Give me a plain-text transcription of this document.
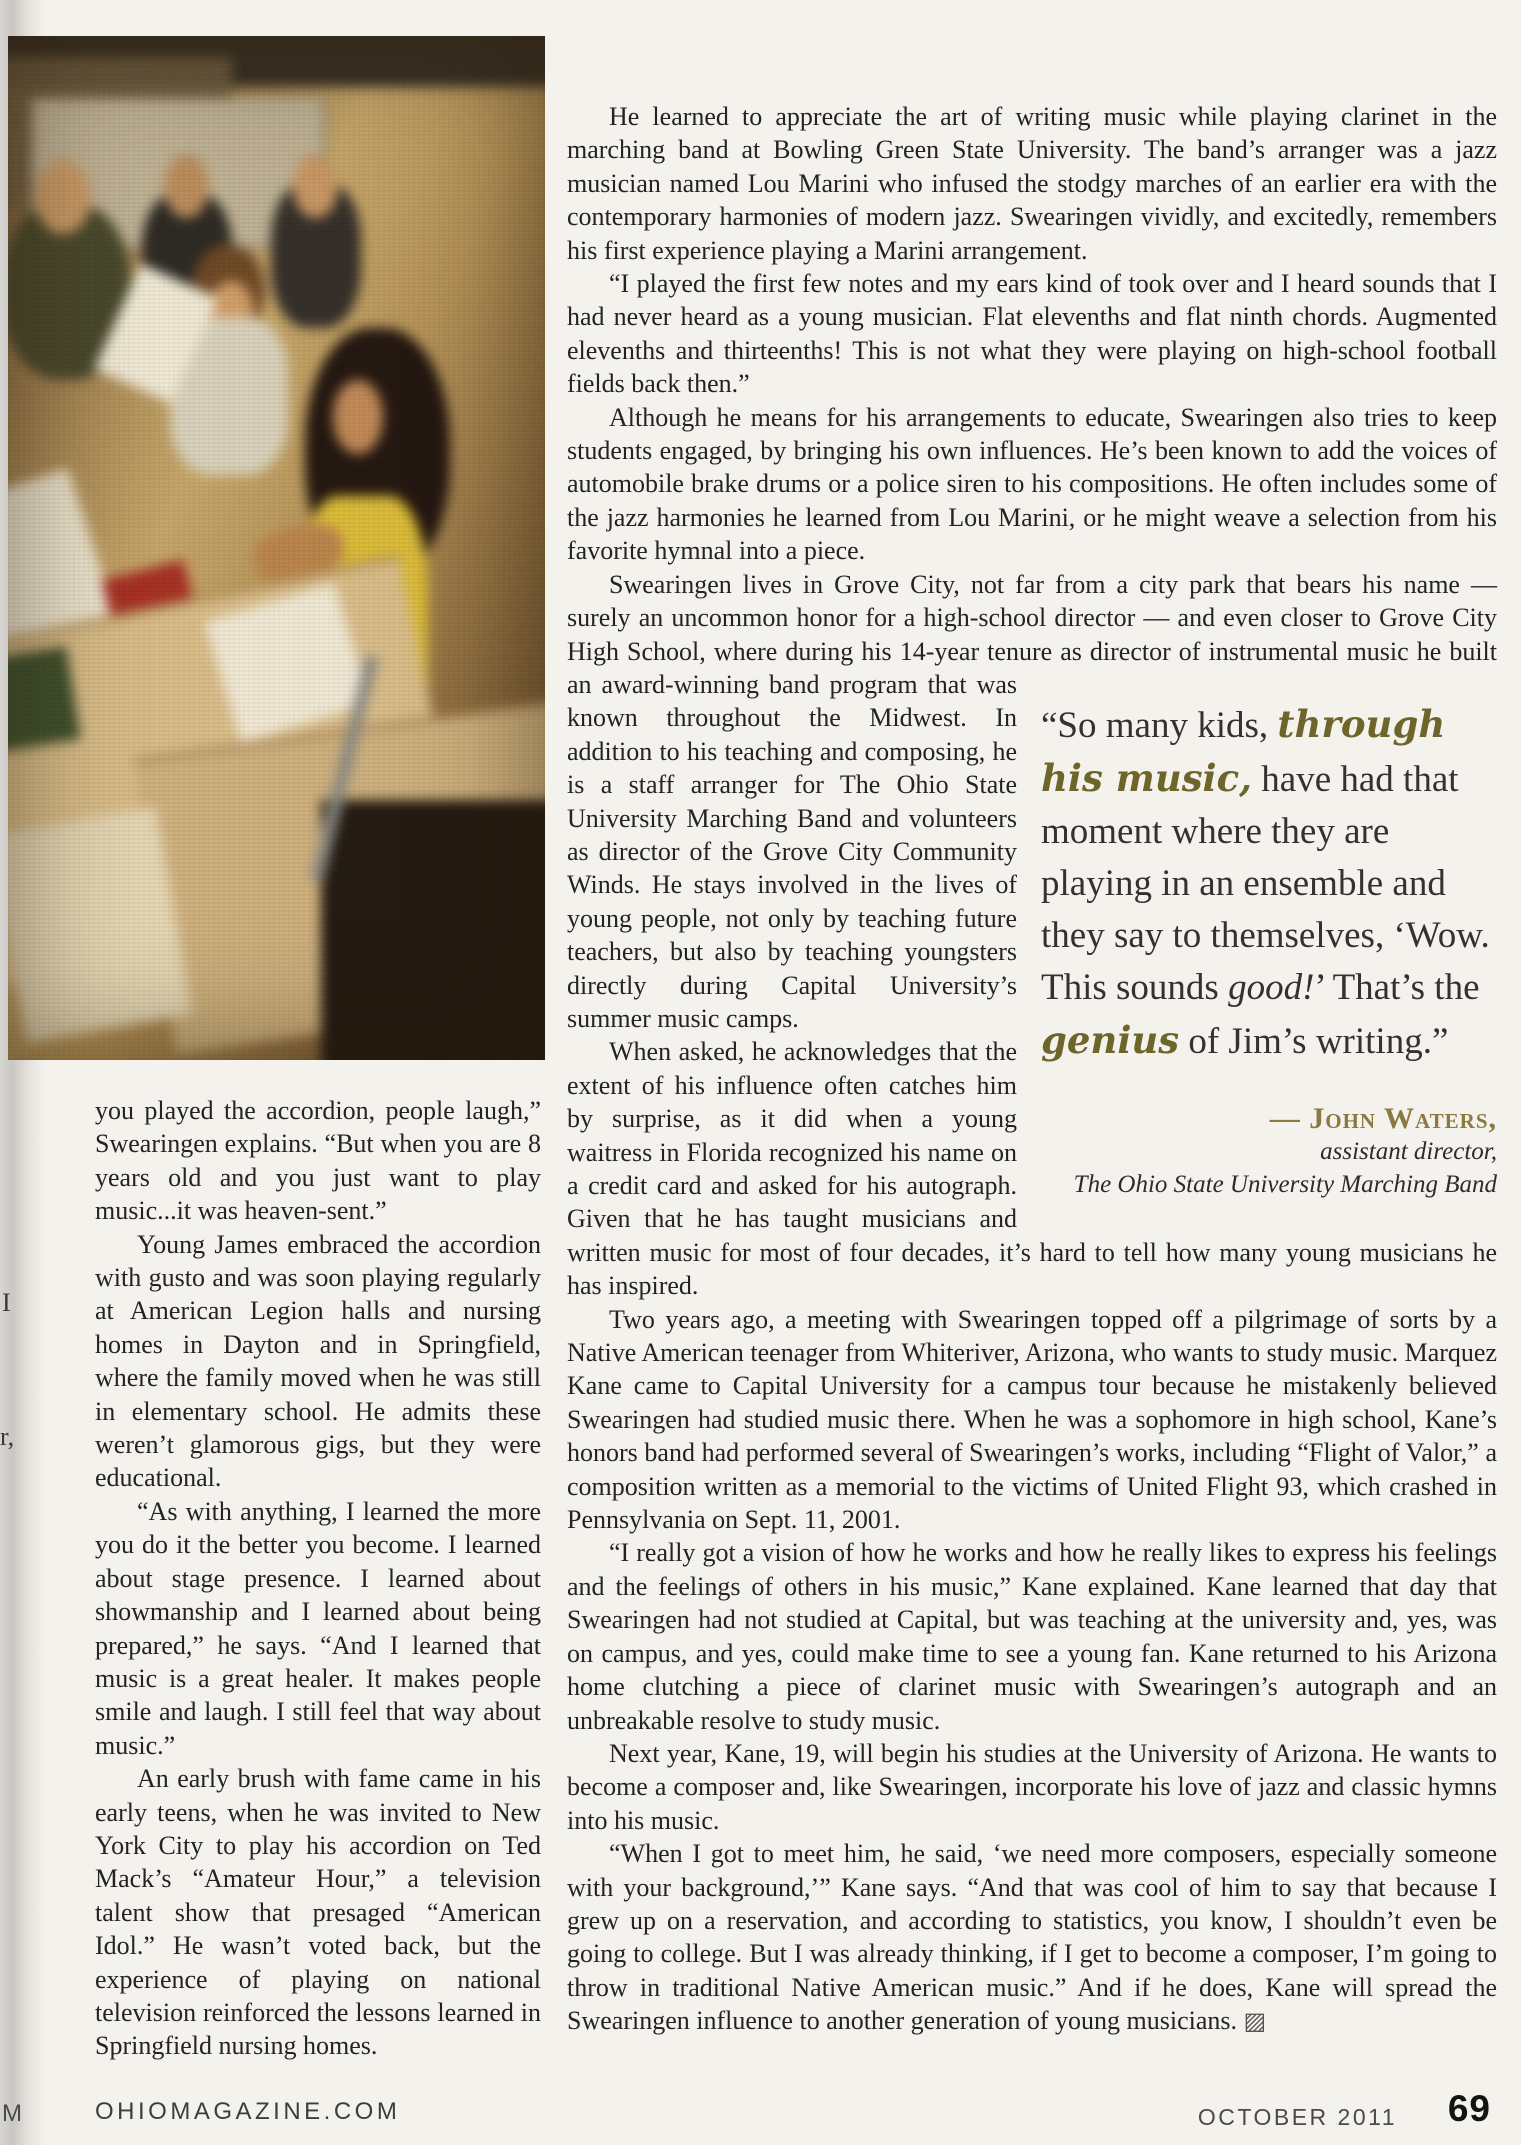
He learned to appreciate the art of writing music while playing clarinet in the marching band at Bowling Green State University. The band’s arranger was a jazz musician named Lou Marini who infused the stodgy marches of an earlier era with the contemporary harmonies of modern jazz. Swearingen vividly, and excitedly, remembers his first experience playing a Marini arrangement.

“I played the first few notes and my ears kind of took over and I heard sounds that I had never heard as a young musician. Flat elevenths and flat ninth chords. Augmented elevenths and thirteenths! This is not what they were playing on high-school football fields back then.”

Although he means for his arrangements to educate, Swearingen also tries to keep students engaged, by bringing his own influences. He’s been known to add the voices of automobile brake drums or a police siren to his compositions. He often includes some of the jazz harmonies he learned from Lou Marini, or he might weave a selection from his favorite hymnal into a piece.

Swearingen lives in Grove City, not far from a city park that bears his name — surely an uncommon honor for a high-school director — and even closer to Grove City High School, where during his 14-year tenure as director of instrumental
“So many kids, through his music, have had that moment where they are playing in an ensemble and they say to themselves, ‘Wow. This sounds good!’ That’s the genius of Jim’s writing.”
— John Waters,
assistant director,
The Ohio State University Marching Band
music he built an award-winning band program that was known throughout the Midwest. In addition to his teaching and composing, he is a staff arranger for The Ohio State University Marching Band and volunteers as director of the Grove City Community Winds. He stays involved in the lives of young people, not only by teaching future teachers, but also by teaching youngsters directly during Capital University’s summer music camps.

When asked, he acknowledges that the extent of his influence often catches him by surprise, as it did when a young waitress in Florida recognized his name on a credit card and asked for his autograph. Given that he has taught musicians and written music for most of four decades, it’s hard to tell how many young musicians he has inspired.

Two years ago, a meeting with Swearingen topped off a pilgrimage of sorts by a Native American teenager from Whiteriver, Arizona, who wants to study music. Marquez Kane came to Capital University for a campus tour because he mistakenly believed Swearingen had studied music there. When he was a sophomore in high school, Kane’s honors band had performed several of Swearingen’s works, including “Flight of Valor,” a composition written as a memorial to the victims of United Flight 93, which crashed in Pennsylvania on Sept. 11, 2001.

“I really got a vision of how he works and how he really likes to express his feelings and the feelings of others in his music,” Kane explained. Kane learned that day that Swearingen had not studied at Capital, but was teaching at the university and, yes, was on campus, and yes, could make time to see a young fan. Kane returned to his Arizona home clutching a piece of clarinet music with Swearingen’s autograph and an unbreakable resolve to study music.

Next year, Kane, 19, will begin his studies at the University of Arizona. He wants to become a composer and, like Swearingen, incorporate his love of jazz and classic hymns into his music.

“When I got to meet him, he said, ‘we need more composers, especially someone with your background,’” Kane says. “And that was cool of him to say that because I grew up on a reservation, and according to statistics, you know, I shouldn’t even be going to college. But I was already thinking, if I get to become a composer, I’m going to throw in traditional Native American music.” And if he does, Kane will spread the Swearingen influence to another generation of young musicians. ▨

you played the accordion, people laugh,” Swearingen explains. “But when you are 8 years old and you just want to play music...it was heaven-sent.”

Young James embraced the accordion with gusto and was soon playing regularly at American Legion halls and nursing homes in Dayton and in Springfield, where the family moved when he was still in elementary school. He admits these weren’t glamorous gigs, but they were educational.

“As with anything, I learned the more you do it the better you become. I learned about stage presence. I learned about showmanship and I learned about being prepared,” he says. “And I learned that music is a great healer. It makes people smile and laugh. I still feel that way about music.”

An early brush with fame came in his early teens, when he was invited to New York City to play his accordion on Ted Mack’s “Amateur Hour,” a television talent show that presaged “American Idol.” He wasn’t voted back, but the experience of playing on national television reinforced the lessons learned in Springfield nursing homes.

I
r,
M	OHIOMAGAZINE.COM	OCTOBER 2011 69
